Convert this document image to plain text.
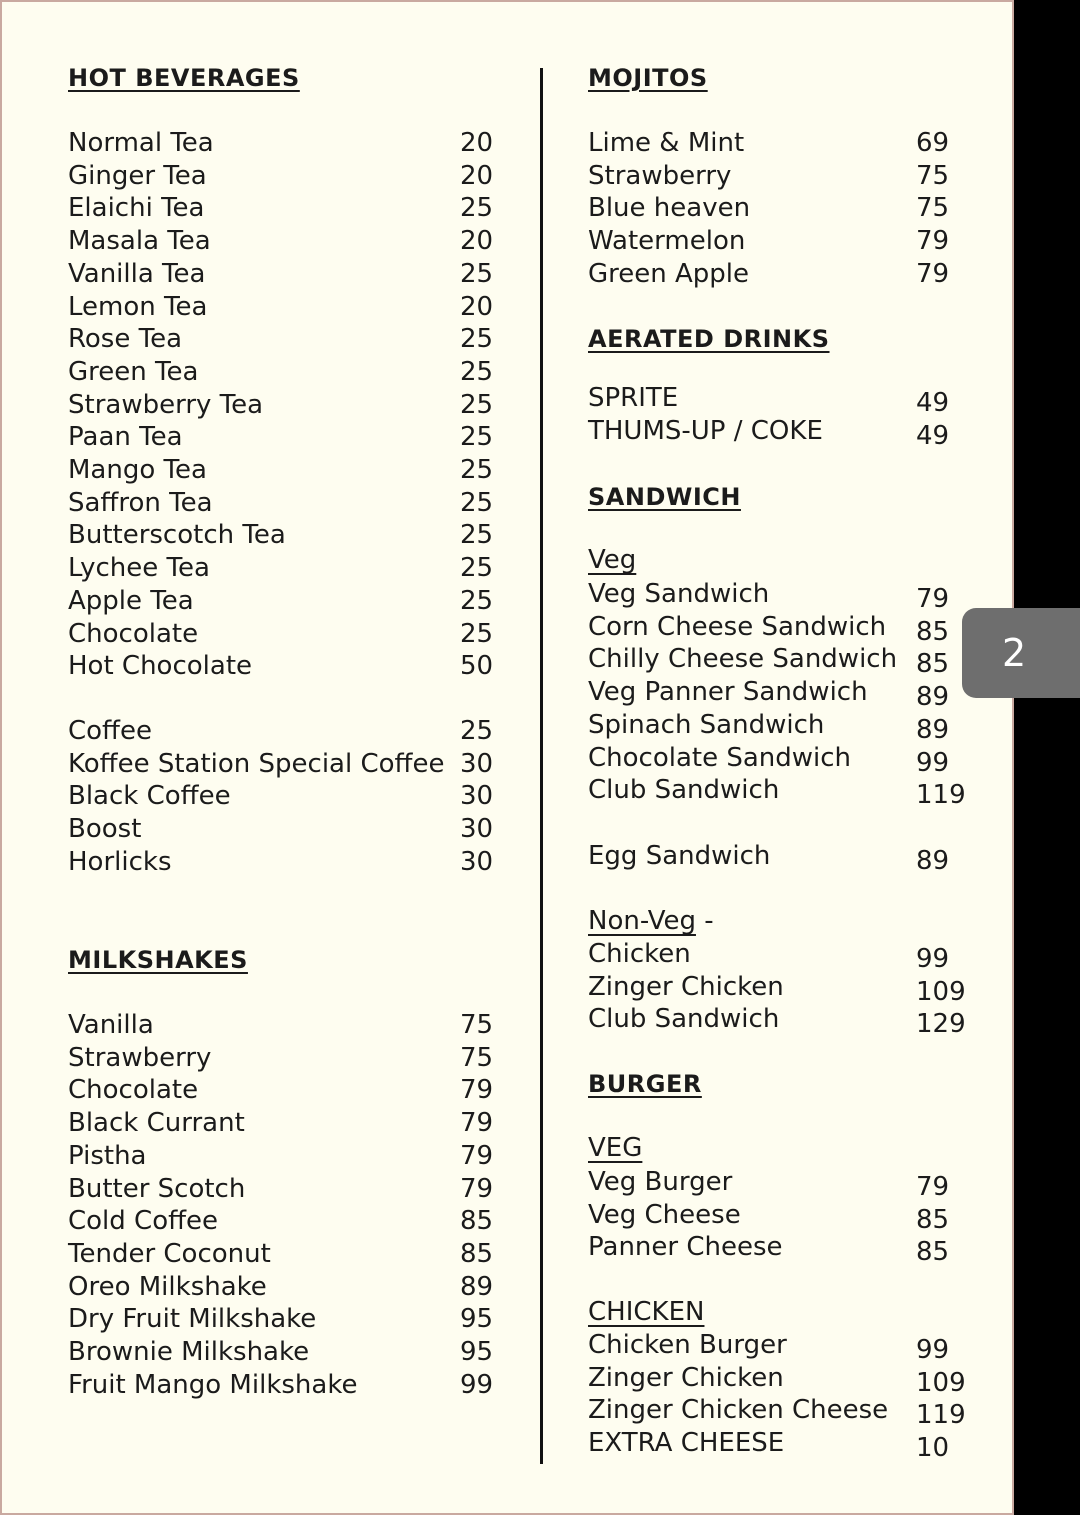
HOT BEVERAGES
Normal Tea	20
Ginger Tea	20
Elaichi Tea	25
Masala Tea	20
Vanilla Tea	25
Lemon Tea	20
Rose Tea	25
Green Tea	25
Strawberry Tea	25
Paan Tea	25
Mango Tea	25
Saffron Tea	25
Butterscotch Tea	25
Lychee Tea	25
Apple Tea	25
Chocolate	25
Hot Chocolate	50
Coffee	25
Koffee Station Special Coffee 30
Black Coffee	30
Boost	30
Horlicks	30
MILKSHAKES
Vanilla	75
Strawberry	75
Chocolate	79
Black Currant	79
Pistha	79
Butter Scotch	79
Cold Coffee	85
Tender Coconut	85
Oreo Milkshake	89
Dry Fruit Milkshake	95
Brownie Milkshake	95
Fruit Mango Milkshake	99
MOJITOS
Lime & Mint	69
Strawberry	75
Blue heaven	75
Watermelon	79
Green Apple	79
AERATED DRINKS
SPRITE	49
THUMS-UP / COKE	49
SANDWICH
Veg
Veg Sandwich	79
Corn Cheese Sandwich 85
Chilly Cheese Sandwich 85
Veg Panner Sandwich 89
Spinach Sandwich	89
Chocolate Sandwich 99
Club Sandwich	119
Egg Sandwich	89
Non-Veg -
Chicken	99
Zinger Chicken	109
Club Sandwich	129
BURGER
VEG
Veg Burger	79
Veg Cheese	85
Panner Cheese	85
CHICKEN
Chicken Burger	99
Zinger Chicken	109
Zinger Chicken Cheese 119
EXTRA CHEESE	10
2
